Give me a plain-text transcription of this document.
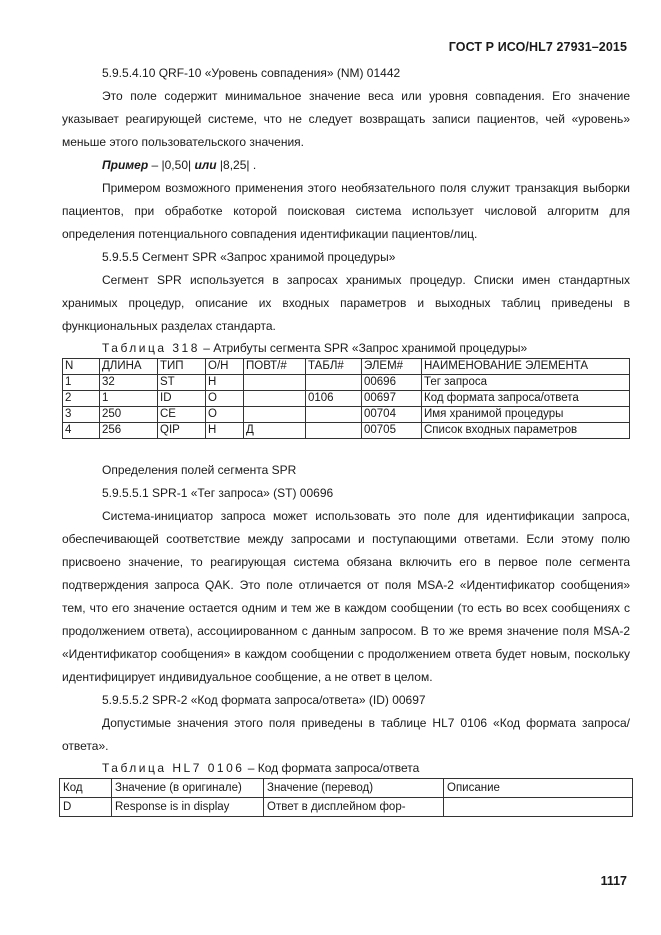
ГОСТ Р ИСО/HL7 27931–2015

5.9.5.4.10 QRF-10 «Уровень совпадения» (NM) 01442

Это поле содержит минимальное значение веса или уровня совпадения. Его значение указывает реагирующей системе, что не следует возвращать записи пациентов, чей «уровень» меньше этого пользовательского значения.

Пример – |0,50| или |8,25| .

Примером возможного применения этого необязательного поля служит транзакция выборки пациентов, при обработке которой поисковая система использует числовой алгоритм для определения потенциального совпадения идентификации пациентов/лиц.

5.9.5.5 Сегмент SPR «Запрос хранимой процедуры»

Сегмент SPR используется в запросах хранимых процедур. Списки имен стандартных хранимых процедур, описание их входных параметров и выходных таблиц приведены в функциональных разделах стандарта.

Таблица 318 – Атрибуты сегмента SPR «Запрос хранимой процедуры»

N	ДЛИНА	ТИП	О/Н	ПОВТ/#	ТАБЛ#	ЭЛЕМ#	НАИМЕНОВАНИЕ ЭЛЕМЕНТА
1	32	ST	Н			00696	Тег запроса
2	1	ID	О		0106	00697	Код формата запроса/ответа
3	250	CE	О			00704	Имя хранимой процедуры
4	256	QIP	Н	Д		00705	Список входных параметров

Определения полей сегмента SPR

5.9.5.5.1 SPR-1 «Тег запроса» (ST) 00696

Система-инициатор запроса может использовать это поле для идентификации запроса, обеспечивающей соответствие между запросами и поступающими ответами. Если этому полю присвоено значение, то реагирующая система обязана включить его в первое поле сегмента подтверждения запроса QAK. Это поле отличается от поля MSA-2 «Идентификатор сообщения» тем, что его значение остается одним и тем же в каждом сообщении (то есть во всех сообщениях с продолжением ответа), ассоциированном с данным запросом. В то же время значение поля MSA-2 «Идентификатор сообщения» в каждом сообщении с продолжением ответа будет новым, поскольку идентифицирует индивидуальное сообщение, а не ответ в целом.

5.9.5.5.2 SPR-2 «Код формата запроса/ответа» (ID) 00697

Допустимые значения этого поля приведены в таблице HL7 0106 «Код формата запроса/ответа».

Таблица HL7 0106 – Код формата запроса/ответа

Код	Значение (в оригинале)	Значение (перевод)	Описание
D	Response is in display	Ответ в дисплейном фор-	
1117
